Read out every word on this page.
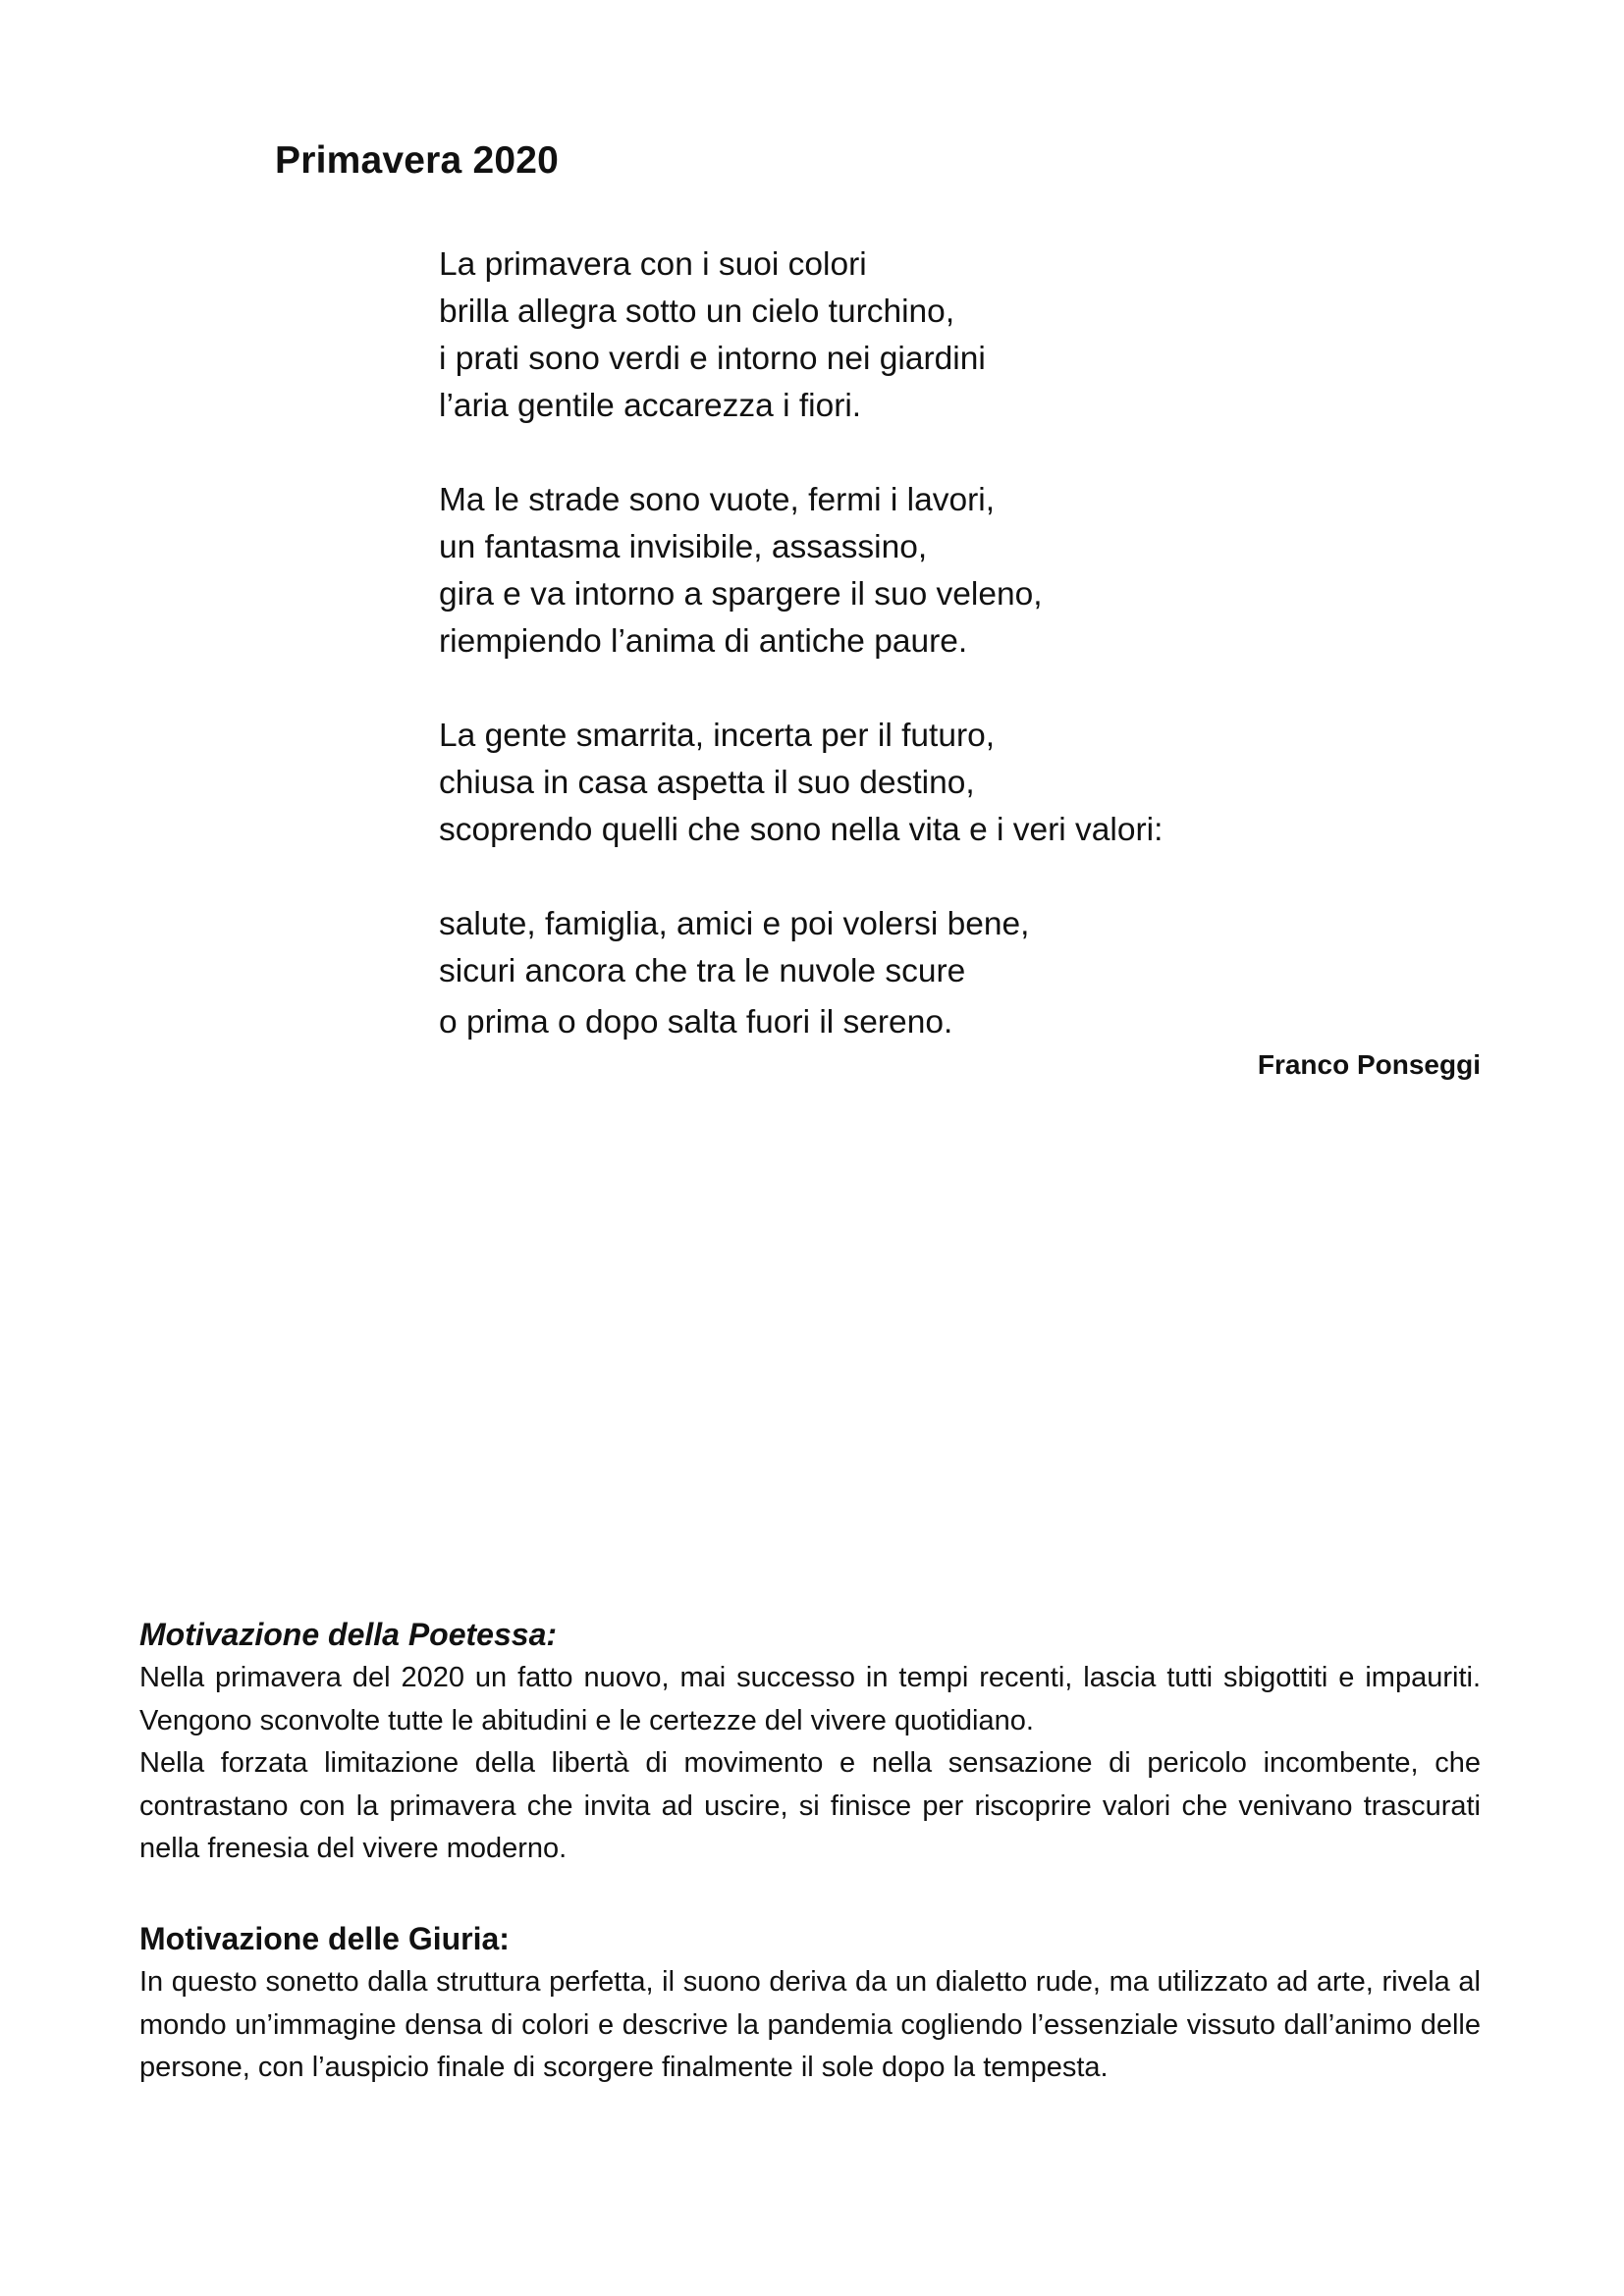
Primavera 2020
La primavera con i suoi colori
brilla allegra sotto un cielo turchino,
i prati sono verdi e intorno nei giardini
l’aria gentile accarezza i fiori.
Ma le strade sono vuote, fermi i lavori,
un fantasma invisibile, assassino,
gira e va intorno a spargere il suo veleno,
riempiendo l’anima di antiche paure.
La gente smarrita, incerta per il futuro,
chiusa in casa aspetta il suo destino,
scoprendo quelli che sono nella vita e i veri valori:
salute, famiglia, amici e poi volersi bene,
sicuri ancora che tra le nuvole scure
o prima o dopo salta fuori il sereno.

Franco Ponseggi

Motivazione della Poetessa:

Nella primavera del 2020 un fatto nuovo, mai successo in tempi recenti, lascia tutti sbigottiti e impauriti. Vengono sconvolte tutte le abitudini e le certezze del vivere quotidiano.

Nella forzata limitazione della libertà di movimento e nella sensazione di pericolo incombente, che contrastano con la primavera che invita ad uscire, si finisce per riscoprire valori che venivano trascurati nella frenesia del vivere moderno.

Motivazione delle Giuria:

In questo sonetto dalla struttura perfetta, il suono deriva da un dialetto rude, ma utilizzato ad arte, rivela al mondo un’immagine densa di colori e descrive la pandemia cogliendo l’essenziale vissuto dall’animo delle persone, con l’auspicio finale di scorgere finalmente il sole dopo la tempesta.
